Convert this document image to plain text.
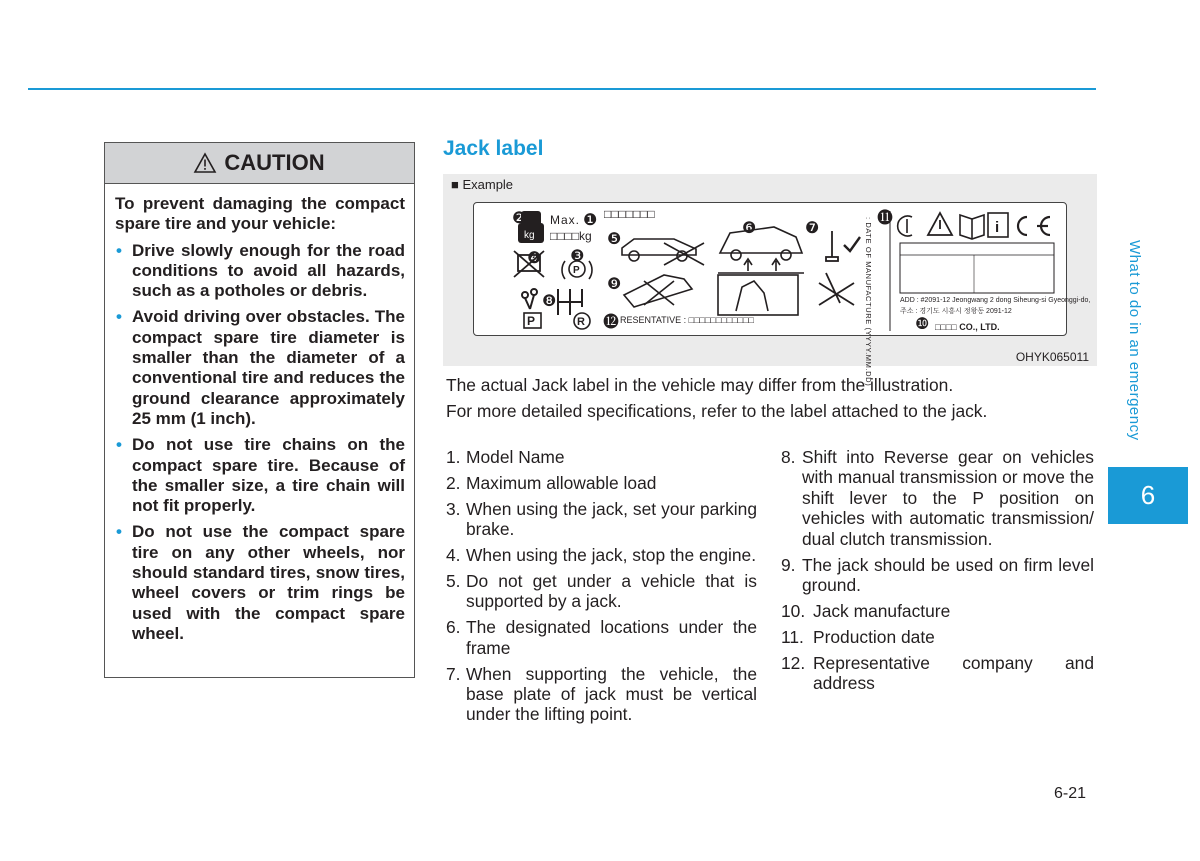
CAUTION

To prevent damaging the compact spare tire and your vehicle:

• Drive slowly enough for the road conditions to avoid all hazards, such as a potholes or debris.
• Avoid driving over obstacles. The compact spare tire diameter is smaller than the diameter of a conventional tire and reduces the ground clearance approximately 25 mm (1 inch).
• Do not use tire chains on the compact spare tire. Because of the smaller size, a tire chain will not fit properly.
• Do not use the compact spare tire on any other wheels, nor should standard tires, snow tires, wheel covers or trim rings be used with the compact spare wheel.
Jack label
OHYK065011
■ Example
kg
Max.
□□□□kg
□□□□□□□
❷	❶
❸
❹
❺
❻	❼
❽
❾
❿
⓫
⓬
P
P	R	: DATE OF MANUFACTURE (YYYY.MM.DD)	i
ADD : #2091-12 Jeongwang 2 dong Siheung-si Gyeonggi-do,
주소 : 경기도 시흥시 정왕동 2091-12
□□□□ CO., LTD.
RESENTATIVE : □□□□□□□□□□□□

The actual Jack label in the vehicle may differ from the illustration.

For more detailed specifications, refer to the label attached to the jack.

1. Model Name
2. Maximum allowable load
3. When using the jack, set your parking brake.
4. When using the jack, stop the engine.
5. Do not get under a vehicle that is supported by a jack.
6. The designated locations under the frame
7. When supporting the vehicle, the base plate of jack must be vertical under the lifting point.
8. Shift into Reverse gear on vehicles with manual transmission or move the shift lever to the P position on vehicles with automatic transmission/ dual clutch transmission.
9. The jack should be used on firm level ground.
10. Jack manufacture
11. Production date
12. Representative company and address
What to do in an emergency
6
6-21
